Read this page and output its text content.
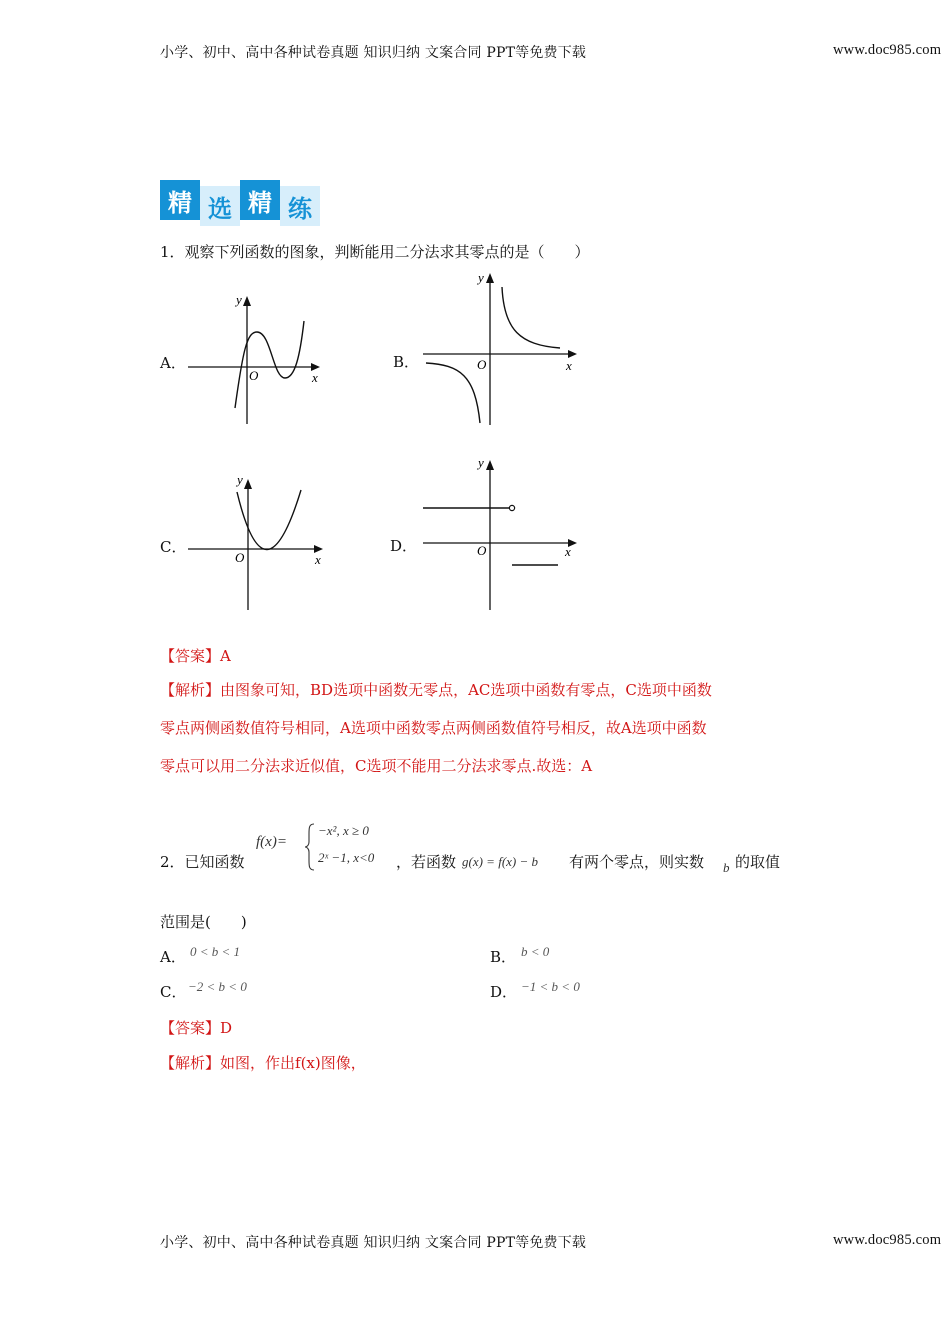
小学、初中、高中各种试卷真题 知识归纳 文案合同 PPT等免费下载	www.doc985.com
精 选 精 练
1．观察下列函数的图象，判断能用二分法求其零点的是（　　）
A．	B．
C．	D．
O	x
y
O	x
y
O	x
y
O	x
y
【答案】A
【解析】由图象可知，BD选项中函数无零点，AC选项中函数有零点，C选项中函数
零点两侧函数值符号相同，A选项中函数零点两侧函数值符号相反，故A选项中函数
零点可以用二分法求近似值，C选项不能用二分法求零点.故选：A
2．已知函数
f(x)=
−x², x ≥ 0
2ˣ −1, x<0 ，若函数 g(x) = f(x) − b 有两个零点，则实数 b 的取值
范围是(　　)
A． 0 < b < 1	B． b < 0
C． −2 < b < 0	D． −1 < b < 0
【答案】D
【解析】如图，作出f(x)图像，
小学、初中、高中各种试卷真题 知识归纳 文案合同 PPT等免费下载	www.doc985.com
